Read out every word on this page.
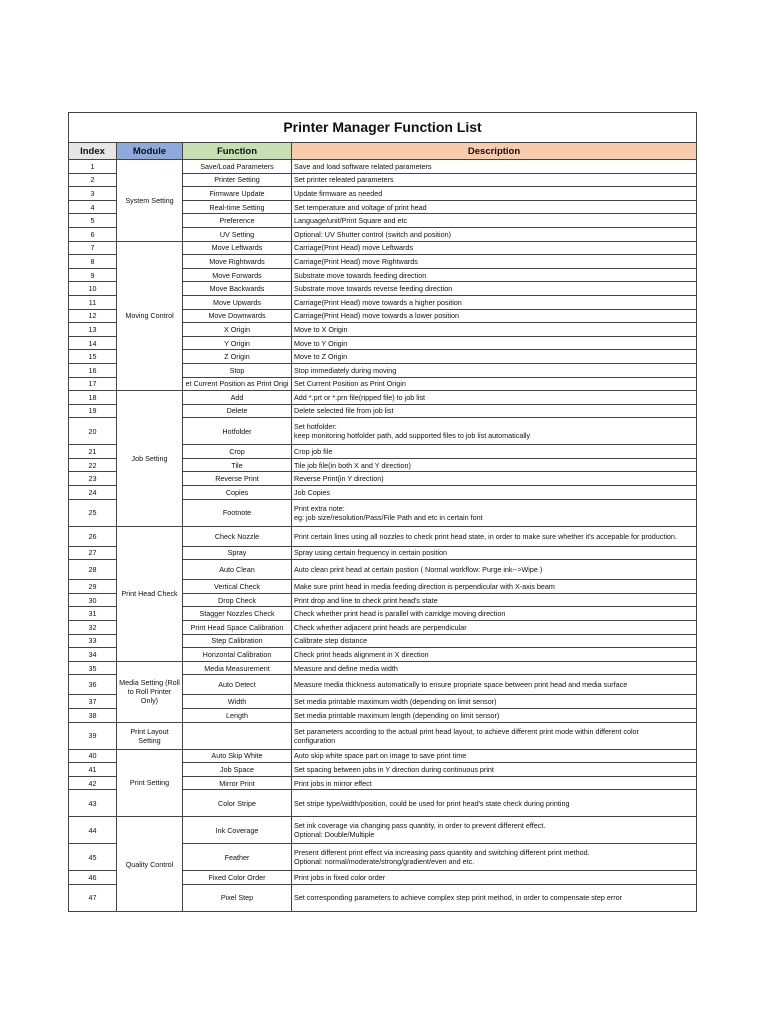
Printer Manager Function List			
Index	Module	Function	Description
1	System Setting	Save/Load Parameters	Save and load software related parameters

2		Printer Setting	Set printer releated parameters

3		Firmware Update	Update firmware as needed

4		Real-time Setting	Set temperature and voltage of print head

5		Preference	Language/unit/Print Square and etc

6		UV Setting	Optional: UV Shutter control (switch and position)

7	Moving Control	Move Leftwards	Carriage(Print Head) move Leftwards

8		Move Rightwards	Carriage(Print Head) move Rightwards

9		Move Forwards	Substrate move towards feeding direction

10		Move Backwards	Substrate move towards reverse feeding direction

11		Move Upwards	Carriage(Print Head) move towards a higher position

12		Move Downwards	Carriage(Print Head) move towards a lower position

13		X Origin	Move to X Origin

14		Y Origin	Move to Y Origin

15		Z Origin	Move to Z Origin

16		Stop	Stop immediately during moving

17		et Current Position as Print Origi	Set Current Position as Print Origin

18	Job Setting	Add	Add *.prt or *.prn file(ripped file) to job list

19		Delete	Delete selected file from job list

20		Hotfolder	Set hotfolder:
keep monitoring hotfolder path, add supported files to job list automatically

21		Crop	Crop job file

22		Tile	Tile job file(in both X and Y direction)

23		Reverse Print	Reverse Print(in Y direction)

24		Copies	Job Copies

25		Footnote	Print extra note:
eg: job size/resolution/Pass/File Path and etc in certain font

26	Print Head Check	Check Nozzle	Print certain lines using all nozzles to check print head state, in order to make sure whether it's accepable for production.

27		Spray	Spray using certain frequency in certain position

28		Auto Clean	Auto clean print head at certain postion ( Normal workflow: Purge ink-->Wipe )

29		Vertical Check	Make sure print head in media feeding direction is perpendicular with X-axis beam

30		Drop Check	Print drop and line to check print head's state

31		Stagger Nozzles Check	Check whether print head is parallel with carridge moving direction

32		Print Head Space Calibration	Check whether adjacent print heads are perpendicular

33		Step Calibration	Calibrate step distance

34		Horizontal Calibration	Check print heads alignment in X direction

35	Media Setting (Roll to Roll Printer Only)	Media Measurement	Measure and define media width

36		Auto Detect	Measure media thickness automatically to ensure propriate space between print head and media surface

37		Width	Set media printable maximum width (depending on limit sensor)

38		Length	Set media printable maximum length (depending on limit sensor)

39	Print Layout Setting		Set parameters according to the actual print head layout, to achieve different print mode within different color
configuration

40	Print Setting	Auto Skip White	Auto skip white space part on image to save print time

41		Job Space	Set spacing between jobs in Y direction during continuous print

42		Mirror Print	Print jobs in mirror effect

43		Color Stripe	Set stripe type/width/position, could be used for print head's state check during printing

44	Quality Control	Ink Coverage	Set ink coverage via changing pass quantity, in order to prevent different effect.
Optional: Double/Multiple

45		Feather	Present different print effect via increasing pass quantity and switching different print method.
Optional: normal/moderate/strong/gradient/even and etc.

46		Fixed Color Order	Print jobs in fixed color order

47		Pixel Step	Set corresponding parameters to achieve complex step print method, in order to compensate step error
